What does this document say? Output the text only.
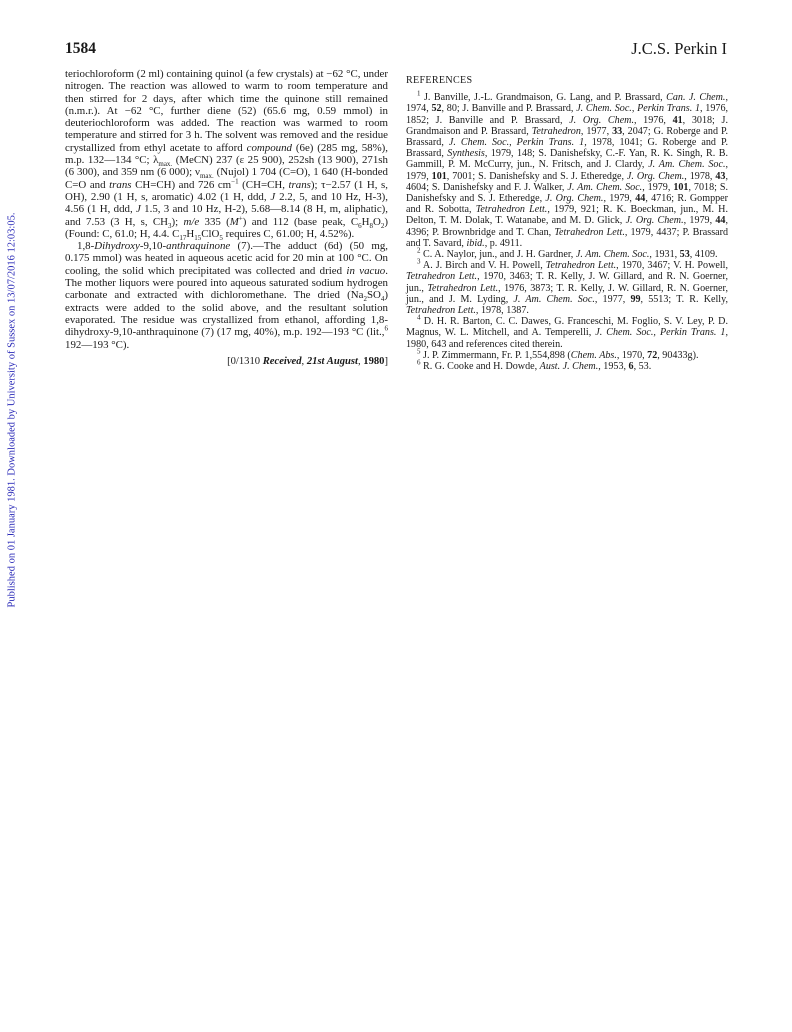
Published on 01 January 1981. Downloaded by University of Sussex on 13/07/2016 12:03:05.
1584	J.C.S. Perkin I

teriochloroform (2 ml) containing quinol (a few crystals) at −62 °C, under nitrogen. The reaction was allowed to warm to room temperature and then stirred for 2 days, after which time the quinone still remained (n.m.r.). At −62 °C, further diene (52) (65.6 mg, 0.59 mmol) in deuteriochloroform was added. The reaction was warmed to room temperature and stirred for 3 h. The solvent was removed and the residue crystallized from ethyl acetate to afford compound (6e) (285 mg, 58%), m.p. 132—134 °C; $\lambda_{max.}$ (MeCN) 237 (ε 25 900), 252sh (13 900), 271sh (6 300), and 359 nm (6 000); $\nu_{max.}$ (Nujol) 1 704 (C=O), 1 640 (H-bonded C=O and trans CH=CH) and 726 $cm^{-1}$ (CH=CH, trans); τ−2.57 (1 H, s, OH), 2.90 (1 H, s, aromatic) 4.02 (1 H, ddd, J 2.2, 5, and 10 Hz, H-3), 4.56 (1 H, ddd, J 1.5, 3 and 10 Hz, H-2), 5.68—8.14 (8 H, m, aliphatic), and 7.53 (3 H, s, $CH_3$); m/e 335 (M+) and 112 (base peak, $C_6H_8O_2$) (Found: C, 61.0; H, 4.4. $C_{17}H_{15}ClO_5$ requires C, 61.00; H, 4.52%).

1,8-Dihydroxy-9,10-anthraquinone (7).—The adduct (6d) (50 mg, 0.175 mmol) was heated in aqueous acetic acid for 20 min at 100 °C. On cooling, the solid which precipitated was collected and dried in vacuo. The mother liquors were poured into aqueous saturated sodium hydrogen carbonate and extracted with dichloromethane. The dried $(Na_2SO_4)$ extracts were added to the solid above, and the resultant solution evaporated. The residue was crystallized from ethanol, affording 1,8-dihydroxy-9,10-anthraquinone (7) (17 mg, 40%), m.p. 192—193 °C (lit.,$^6$ 192—193 °C).

[0/1310 Received, 21st August, 1980]
REFERENCES

$^1$ J. Banville, J.-L. Grandmaison, G. Lang, and P. Brassard, Can. J. Chem., 1974, 52, 80; J. Banville and P. Brassard, J. Chem. Soc., Perkin Trans. 1, 1976, 1852; J. Banville and P. Brassard, J. Org. Chem., 1976, 41, 3018; J. Grandmaison and P. Brassard, Tetrahedron, 1977, 33, 2047; G. Roberge and P. Brassard, J. Chem. Soc., Perkin Trans. 1, 1978, 1041; G. Roberge and P. Brassard, Synthesis, 1979, 148; S. Danishefsky, C.-F. Yan, R. K. Singh, R. B. Gammill, P. M. McCurry, jun., N. Fritsch, and J. Clardy, J. Am. Chem. Soc., 1979, 101, 7001; S. Danishefsky and S. J. Etheredge, J. Org. Chem., 1978, 43, 4604; S. Danishefsky and F. J. Walker, J. Am. Chem. Soc., 1979, 101, 7018; S. Danishefsky and S. J. Etheredge, J. Org. Chem., 1979, 44, 4716; R. Gompper and R. Sobotta, Tetrahedron Lett., 1979, 921; R. K. Boeckman, jun., M. H. Delton, T. M. Dolak, T. Watanabe, and M. D. Glick, J. Org. Chem., 1979, 44, 4396; P. Brownbridge and T. Chan, Tetrahedron Lett., 1979, 4437; P. Brassard and T. Savard, ibid., p. 4911.

$^2$ C. A. Naylor, jun., and J. H. Gardner, J. Am. Chem. Soc., 1931, 53, 4109.

$^3$ A. J. Birch and V. H. Powell, Tetrahedron Lett., 1970, 3467; V. H. Powell, Tetrahedron Lett., 1970, 3463; T. R. Kelly, J. W. Gillard, and R. N. Goerner, jun., Tetrahedron Lett., 1976, 3873; T. R. Kelly, J. W. Gillard, R. N. Goerner, jun., and J. M. Lyding, J. Am. Chem. Soc., 1977, 99, 5513; T. R. Kelly, Tetrahedron Lett., 1978, 1387.

$^4$ D. H. R. Barton, C. C. Dawes, G. Franceschi, M. Foglio, S. V. Ley, P. D. Magnus, W. L. Mitchell, and A. Temperelli, J. Chem. Soc., Perkin Trans. 1, 1980, 643 and references cited therein.

$^5$ J. P. Zimmermann, Fr. P. 1,554,898 (Chem. Abs., 1970, 72, 90433g).

$^6$ R. G. Cooke and H. Dowde, Aust. J. Chem., 1953, 6, 53.
